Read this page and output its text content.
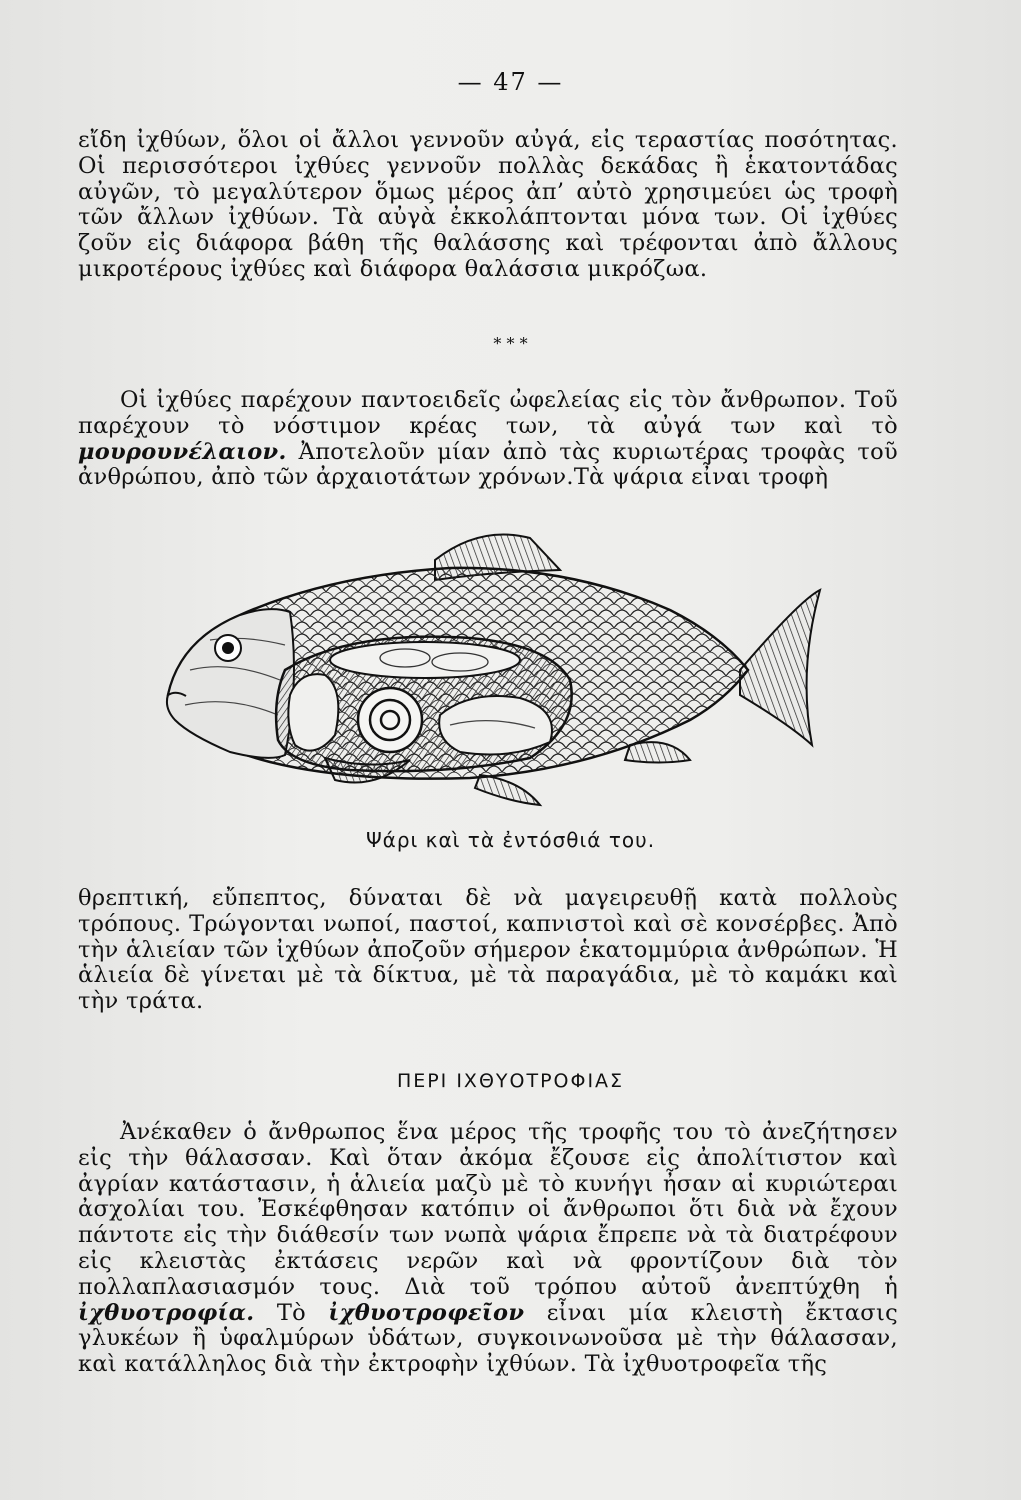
— 47 —

εἴδη ἰχθύων, ὅλοι οἱ ἄλλοι γεννοῦν αὐγά, εἰς τεραστίας ποσότητας. Οἱ περισσότεροι ἰχθύες γεννοῦν πολλὰς δεκάδας ἢ ἑκατοντάδας αὐγῶν, τὸ μεγαλύτερον ὅμως μέρος ἀπ’ αὐτὸ χρησιμεύει ὡς τροφὴ τῶν ἄλλων ἰχθύων. Τὰ αὐγὰ ἐκκολάπτονται μόνα των. Οἱ ἰχθύες ζοῦν εἰς διάφορα βάθη τῆς θαλάσσης καὶ τρέφονται ἀπὸ ἄλλους μικροτέρους ἰχθύες καὶ διάφορα θαλάσσια μικρόζωα.

* * *

Οἱ ἰχθύες παρέχουν παντοειδεῖς ὠφελείας εἰς τὸν ἄνθρωπον. Τοῦ παρέχουν τὸ νόστιμον κρέας των, τὰ αὐγά των καὶ τὸ μουρουνέλαιον. Ἀποτελοῦν μίαν ἀπὸ τὰς κυριωτέρας τροφὰς τοῦ ἀνθρώπου, ἀπὸ τῶν ἀρχαιοτάτων χρόνων.Τὰ ψάρια εἶναι τροφὴ

Ψάρι καὶ τὰ ἐντόσθιά του.

θρεπτική, εὔπεπτος, δύναται δὲ νὰ μαγειρευθῇ κατὰ πολλοὺς τρόπους. Τρώγονται νωποί, παστοί, καπνιστοὶ καὶ σὲ κονσέρβες. Ἀπὸ τὴν ἁλιείαν τῶν ἰχθύων ἀποζοῦν σήμερον ἑκατομμύρια ἀνθρώπων. Ἡ ἁλιεία δὲ γίνεται μὲ τὰ δίκτυα, μὲ τὰ παραγάδια, μὲ τὸ καμάκι καὶ τὴν τράτα.

ΠΕΡΙ ΙΧΘΥΟΤΡΟΦΙΑΣ

Ἀνέκαθεν ὁ ἄνθρωπος ἕνα μέρος τῆς τροφῆς του τὸ ἀνεζήτησεν εἰς τὴν θάλασσαν. Καὶ ὅταν ἀκόμα ἔζουσε εἰς ἀπολίτιστον καὶ ἀγρίαν κατάστασιν, ἡ ἁλιεία μαζὺ μὲ τὸ κυνήγι ἦσαν αἱ κυριώτεραι ἀσχολίαι του. Ἐσκέφθησαν κατόπιν οἱ ἄνθρωποι ὅτι διὰ νὰ ἔχουν πάντοτε εἰς τὴν διάθεσίν των νωπὰ ψάρια ἔπρεπε νὰ τὰ διατρέφουν εἰς κλειστὰς ἐκτάσεις νερῶν καὶ νὰ φροντίζουν διὰ τὸν πολλαπλασιασμόν τους. Διὰ τοῦ τρόπου αὐτοῦ ἀνεπτύχθη ἡ ἰχθυοτροφία. Τὸ ἰχθυοτροφεῖον εἶναι μία κλειστὴ ἔκτασις γλυκέων ἢ ὑφαλμύρων ὑδάτων, συγκοινωνοῦσα μὲ τὴν θάλασσαν, καὶ κατάλληλος διὰ τὴν ἐκτροφὴν ἰχθύων. Τὰ ἰχθυοτροφεῖα τῆς
